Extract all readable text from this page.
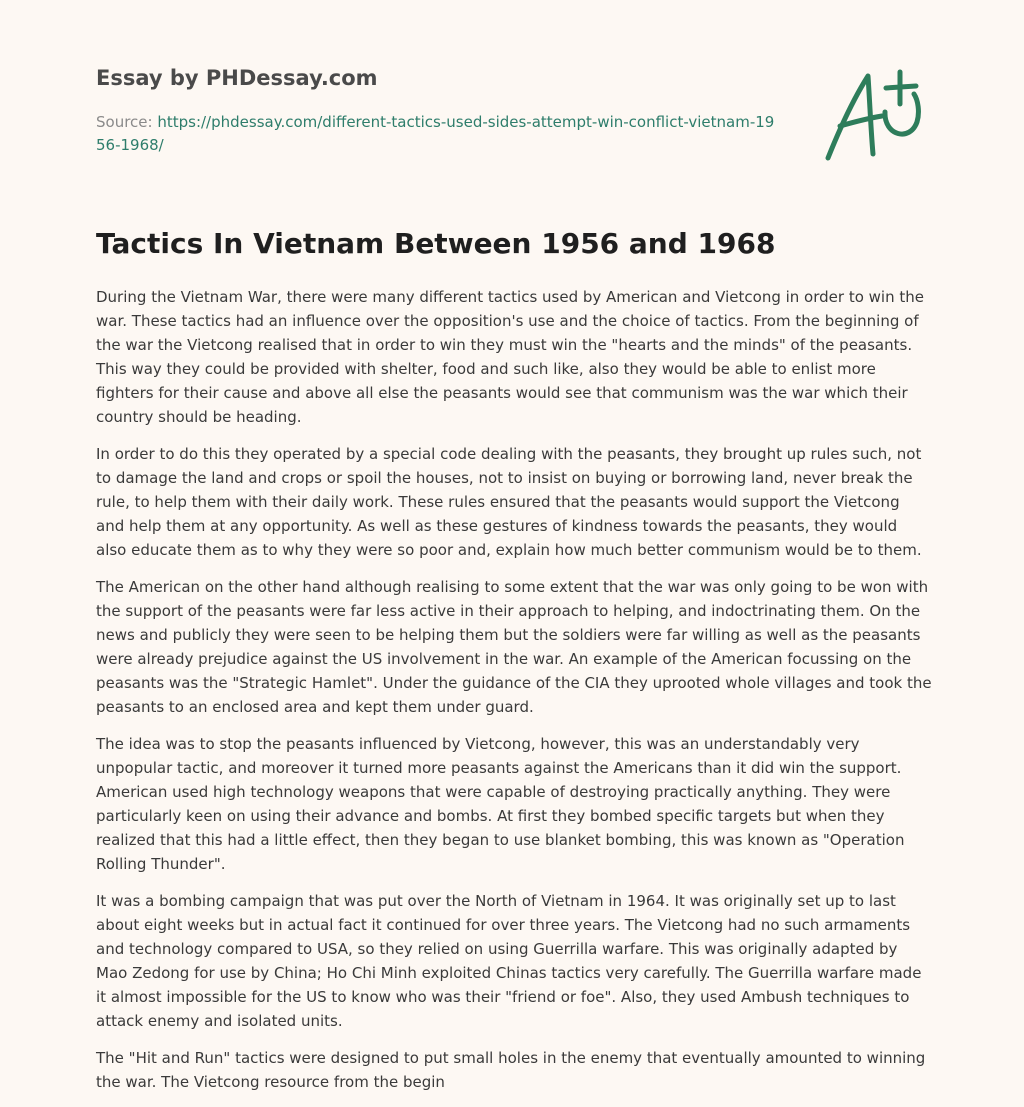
Essay by PHDessay.com

Source: https://phdessay.com/different-tactics-used-sides-attempt-win-conflict-vietnam-1956-1968/

Tactics In Vietnam Between 1956 and 1968

During the Vietnam War, there were many different tactics used by American and Vietcong in order to win the war. These tactics had an influence over the opposition's use and the choice of tactics. From the beginning of the war the Vietcong realised that in order to win they must win the "hearts and the minds" of the peasants. This way they could be provided with shelter, food and such like, also they would be able to enlist more fighters for their cause and above all else the peasants would see that communism was the war which their country should be heading.

In order to do this they operated by a special code dealing with the peasants, they brought up rules such, not to damage the land and crops or spoil the houses, not to insist on buying or borrowing land, never break the rule, to help them with their daily work. These rules ensured that the peasants would support the Vietcong and help them at any opportunity. As well as these gestures of kindness towards the peasants, they would also educate them as to why they were so poor and, explain how much better communism would be to them.

The American on the other hand although realising to some extent that the war was only going to be won with the support of the peasants were far less active in their approach to helping, and indoctrinating them. On the news and publicly they were seen to be helping them but the soldiers were far willing as well as the peasants were already prejudice against the US involvement in the war. An example of the American focussing on the peasants was the "Strategic Hamlet". Under the guidance of the CIA they uprooted whole villages and took the peasants to an enclosed area and kept them under guard.

The idea was to stop the peasants influenced by Vietcong, however, this was an understandably very unpopular tactic, and moreover it turned more peasants against the Americans than it did win the support. American used high technology weapons that were capable of destroying practically anything. They were particularly keen on using their advance and bombs. At first they bombed specific targets but when they realized that this had a little effect, then they began to use blanket bombing, this was known as "Operation Rolling Thunder".

It was a bombing campaign that was put over the North of Vietnam in 1964. It was originally set up to last about eight weeks but in actual fact it continued for over three years. The Vietcong had no such armaments and technology compared to USA, so they relied on using Guerrilla warfare. This was originally adapted by Mao Zedong for use by China; Ho Chi Minh exploited Chinas tactics very carefully. The Guerrilla warfare made it almost impossible for the US to know who was their "friend or foe". Also, they used Ambush techniques to attack enemy and isolated units.

The "Hit and Run" tactics were designed to put small holes in the enemy that eventually amounted to winning the war. The Vietcong resource from the begin
